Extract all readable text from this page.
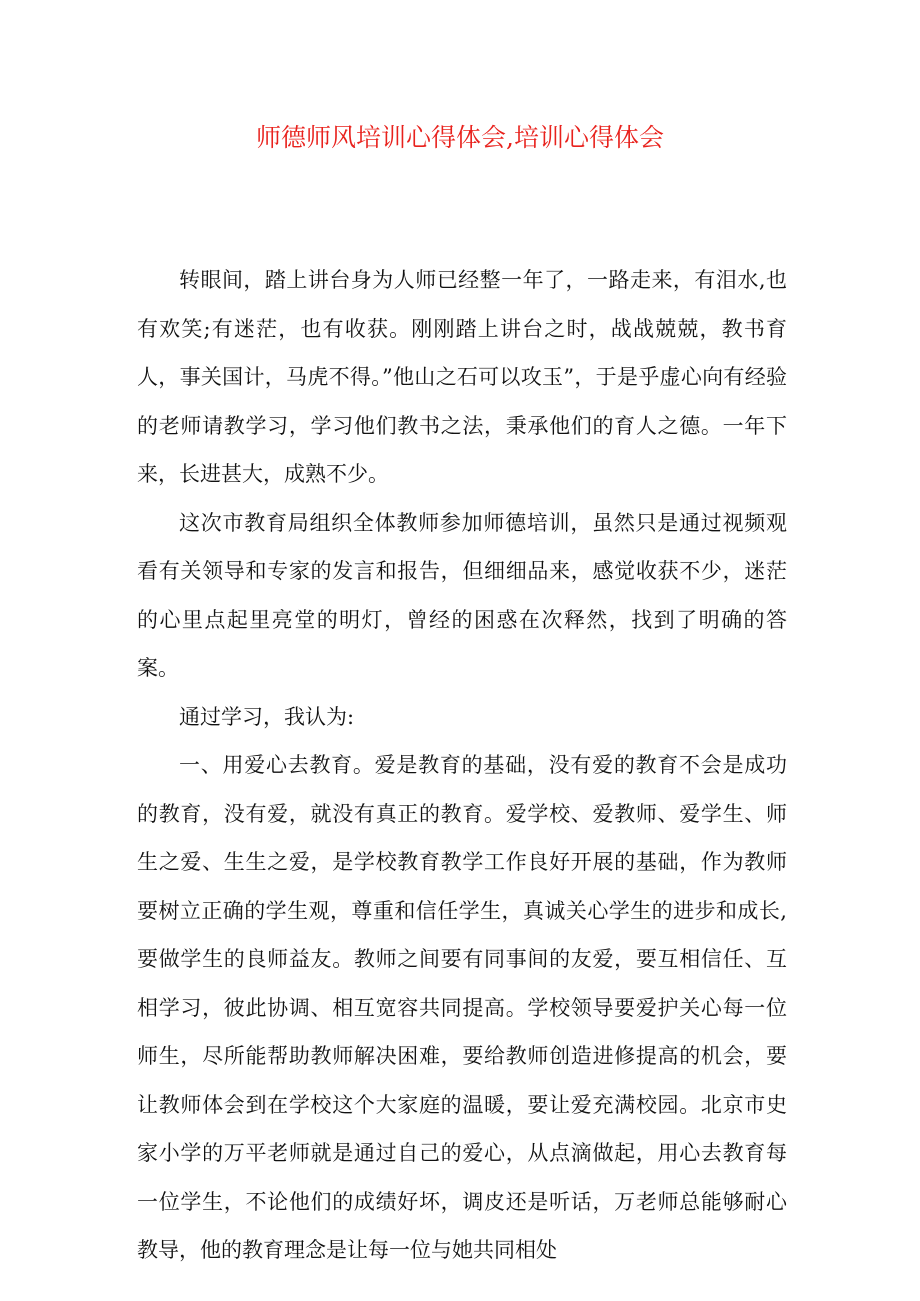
师德师风培训心得体会,培训心得体会

转眼间，踏上讲台身为人师已经整一年了，一路走来，有泪水,也有欢笑;有迷茫，也有收获。刚刚踏上讲台之时，战战兢兢，教书育人，事关国计，马虎不得。”他山之石可以攻玉”，于是乎虚心向有经验的老师请教学习，学习他们教书之法，秉承他们的育人之德。一年下来，长进甚大，成熟不少。

这次市教育局组织全体教师参加师德培训，虽然只是通过视频观看有关领导和专家的发言和报告，但细细品来，感觉收获不少，迷茫的心里点起里亮堂的明灯，曾经的困惑在次释然，找到了明确的答案。

通过学习，我认为:

一、用爱心去教育。爱是教育的基础，没有爱的教育不会是成功的教育，没有爱，就没有真正的教育。爱学校、爱教师、爱学生、师生之爱、生生之爱，是学校教育教学工作良好开展的基础，作为教师要树立正确的学生观，尊重和信任学生，真诚关心学生的进步和成长,要做学生的良师益友。教师之间要有同事间的友爱，要互相信任、互相学习，彼此协调、相互宽容共同提高。学校领导要爱护关心每一位师生，尽所能帮助教师解决困难，要给教师创造进修提高的机会，要让教师体会到在学校这个大家庭的温暖，要让爱充满校园。北京市史家小学的万平老师就是通过自己的爱心，从点滴做起，用心去教育每一位学生，不论他们的成绩好坏，调皮还是听话，万老师总能够耐心教导，他的教育理念是让每一位与她共同相处
